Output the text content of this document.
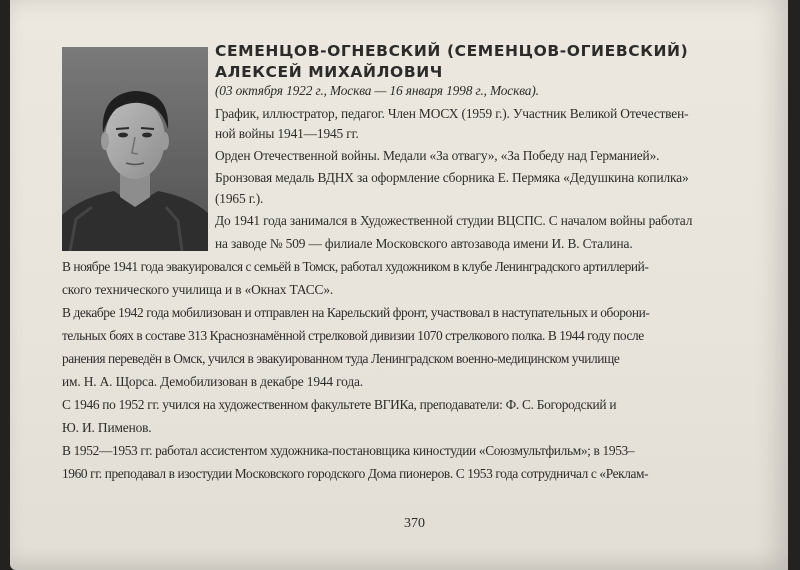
СЕМЕНЦОВ-ОГНЕВСКИЙ (СЕМЕНЦОВ-ОГИЕВСКИЙ)
АЛЕКСЕЙ МИХАЙЛОВИЧ

(03 октября 1922 г., Москва — 16 января 1998 г., Москва).

График, иллюстратор, педагог. Член МОСХ (1959 г.). Участник Великой Отечествен-

ной войны 1941—1945 гг.

Орден Отечественной войны. Медали «За отвагу», «За Победу над Германией».

Бронзовая медаль ВДНХ за оформление сборника Е. Пермяка «Дедушкина копилка»

(1965 г.).

До 1941 года занимался в Художественной студии ВЦСПС. С началом войны работал

на заводе № 509 — филиале Московского автозавода имени И. В. Сталина.

В ноябре 1941 года эвакуировался с семьёй в Томск, работал художником в клубе Ленинградского артиллерий-

ского технического училища и в «Окнах ТАСС».

В декабре 1942 года мобилизован и отправлен на Карельский фронт, участвовал в наступательных и оборони-

тельных боях в составе 313 Краснознамённой стрелковой дивизии 1070 стрелкового полка. В 1944 году после

ранения переведён в Омск, учился в эвакуированном туда Ленинградском военно-медицинском училище

им. Н. А. Щорса. Демобилизован в декабре 1944 года.

С 1946 по 1952 гг. учился на художественном факультете ВГИКа, преподаватели: Ф. С. Богородский и

Ю. И. Пименов.

В 1952—1953 гг. работал ассистентом художника-постановщика киностудии «Союзмультфильм»; в 1953–

1960 гг. преподавал в изостудии Московского городского Дома пионеров. С 1953 года сотрудничал с «Реклам-

370
